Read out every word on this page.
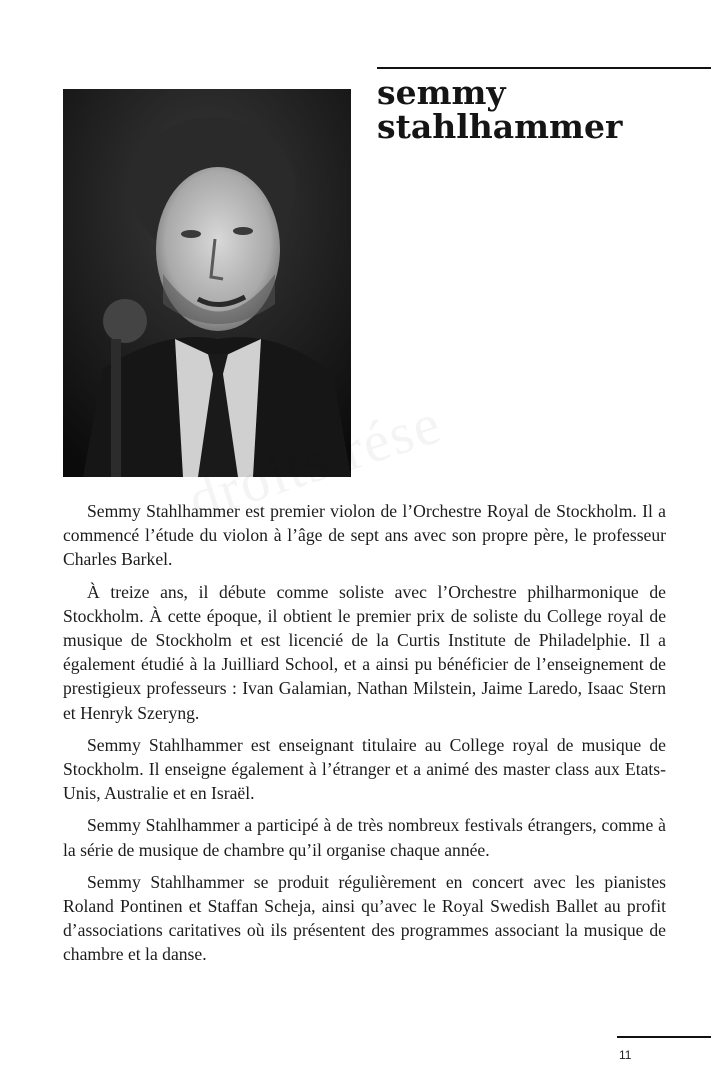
semmy
stahlhammer

Semmy Stahlhammer est premier violon de l’Orchestre Royal de Stockholm. Il a commencé l’étude du violon à l’âge de sept ans avec son propre père, le professeur Charles Barkel.

À treize ans, il débute comme soliste avec l’Orchestre philharmonique de Stockholm. À cette époque, il obtient le premier prix de soliste du College royal de musique de Stockholm et est licencié de la Curtis Institute de Philadelphie. Il a également étudié à la Juilliard School, et a ainsi pu bénéficier de l’enseignement de prestigieux professeurs : Ivan Galamian, Nathan Milstein, Jaime Laredo, Isaac Stern et Henryk Szeryng.

Semmy Stahlhammer est enseignant titulaire au College royal de musique de Stockholm. Il enseigne également à l’étranger et a animé des master class aux Etats-Unis, Australie et en Israël.

Semmy Stahlhammer a participé à de très nombreux festivals étrangers, comme à la série de musique de chambre qu’il organise chaque année.

Semmy Stahlhammer se produit régulièrement en concert avec les pianistes Roland Pontinen et Staffan Scheja, ainsi qu’avec le Royal Swedish Ballet au profit d’associations caritatives où ils présentent des programmes associant la musique de chambre et la danse.

11
